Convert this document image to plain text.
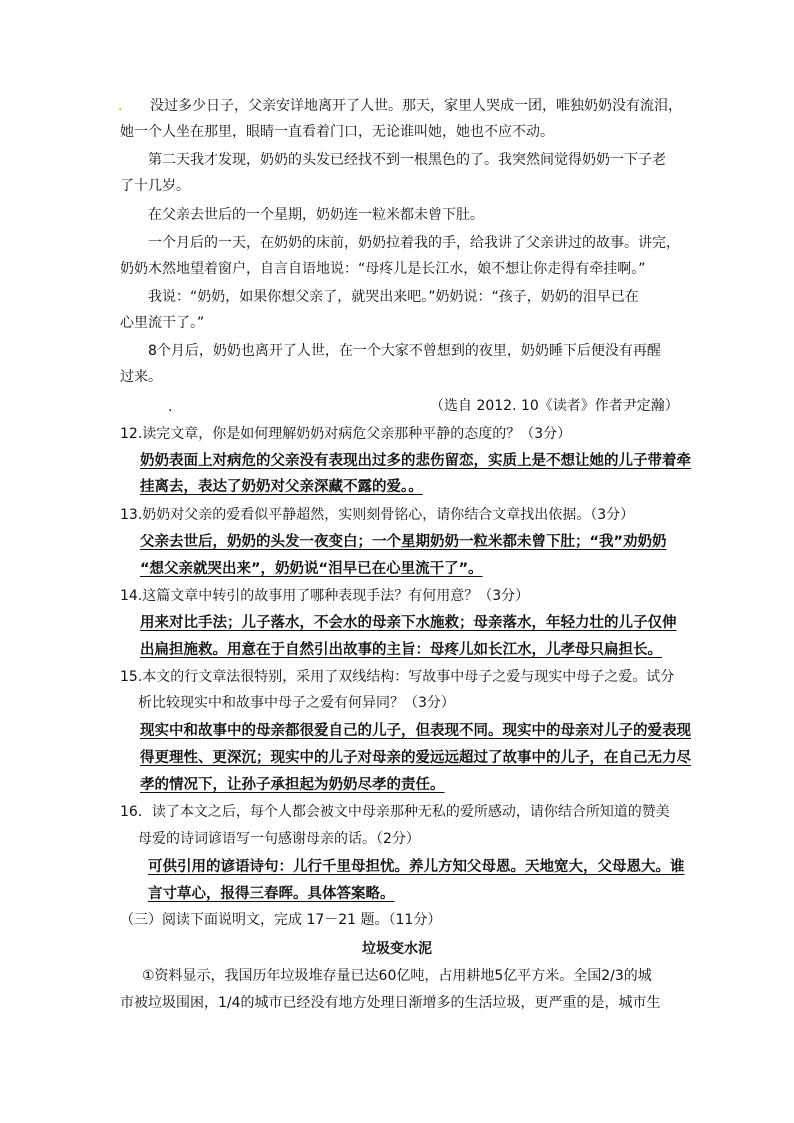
. 没过多少日子，父亲安详地离开了人世。那天，家里人哭成一团，唯独奶奶没有流泪，
她一个人坐在那里，眼睛一直看着门口，无论谁叫她，她也不应不动。
第二天我才发现，奶奶的头发已经找不到一根黑色的了。我突然间觉得奶奶一下子老
了十几岁。
在父亲去世后的一个星期，奶奶连一粒米都未曾下肚。
一个月后的一天，在奶奶的床前，奶奶拉着我的手，给我讲了父亲讲过的故事。讲完，
奶奶木然地望着窗户，自言自语地说：“母疼儿是长江水，娘不想让你走得有牵挂啊。”
我说：“奶奶，如果你想父亲了，就哭出来吧。”奶奶说：“孩子，奶奶的泪早已在
心里流干了。”
8个月后，奶奶也离开了人世，在一个大家不曾想到的夜里，奶奶睡下后便没有再醒
过来。
.	（选自 2012. 10《读者》作者尹定瀚）
12.读完文章，你是如何理解奶奶对病危父亲那种平静的态度的？（3分）
奶奶表面上对病危的父亲没有表现出过多的悲伤留恋，实质上是不想让她的儿子带着牵
挂离去，表达了奶奶对父亲深藏不露的爱。。
13.奶奶对父亲的爱看似平静超然，实则刻骨铭心，请你结合文章找出依据。（3分）
父亲去世后，奶奶的头发一夜变白；一个星期奶奶一粒米都未曾下肚；“我”劝奶奶
“想父亲就哭出来”，奶奶说“泪早已在心里流干了”。
14.这篇文章中转引的故事用了哪种表现手法？有何用意？（3分）
用来对比手法；儿子落水，不会水的母亲下水施救；母亲落水，年轻力壮的儿子仅伸
出扁担施救。用意在于自然引出故事的主旨：母疼儿如长江水，儿孝母只扁担长。
15.本文的行文章法很特别，采用了双线结构：写故事中母子之爱与现实中母子之爱。试分
析比较现实中和故事中母子之爱有何异同？（3分）
现实中和故事中的母亲都很爱自己的儿子，但表现不同。现实中的母亲对儿子的爱表现
得更理性、更深沉；现实中的儿子对母亲的爱远远超过了故事中的儿子，在自己无力尽
孝的情况下，让孙子承担起为奶奶尽孝的责任。
16．读了本文之后，每个人都会被文中母亲那种无私的爱所感动，请你结合所知道的赞美
母爱的诗词谚语写一句感谢母亲的话。（2分）
可供引用的谚语诗句：儿行千里母担忧。养儿方知父母恩。天地宽大，父母恩大。谁
言寸草心，报得三春晖。具体答案略。
（三）阅读下面说明文，完成 17－21 题。（11分）
垃圾变水泥
①资料显示，我国历年垃圾堆存量已达60亿吨，占用耕地5亿平方米。全国2/3的城
市被垃圾围困，1/4的城市已经没有地方处理日渐增多的生活垃圾，更严重的是，城市生
